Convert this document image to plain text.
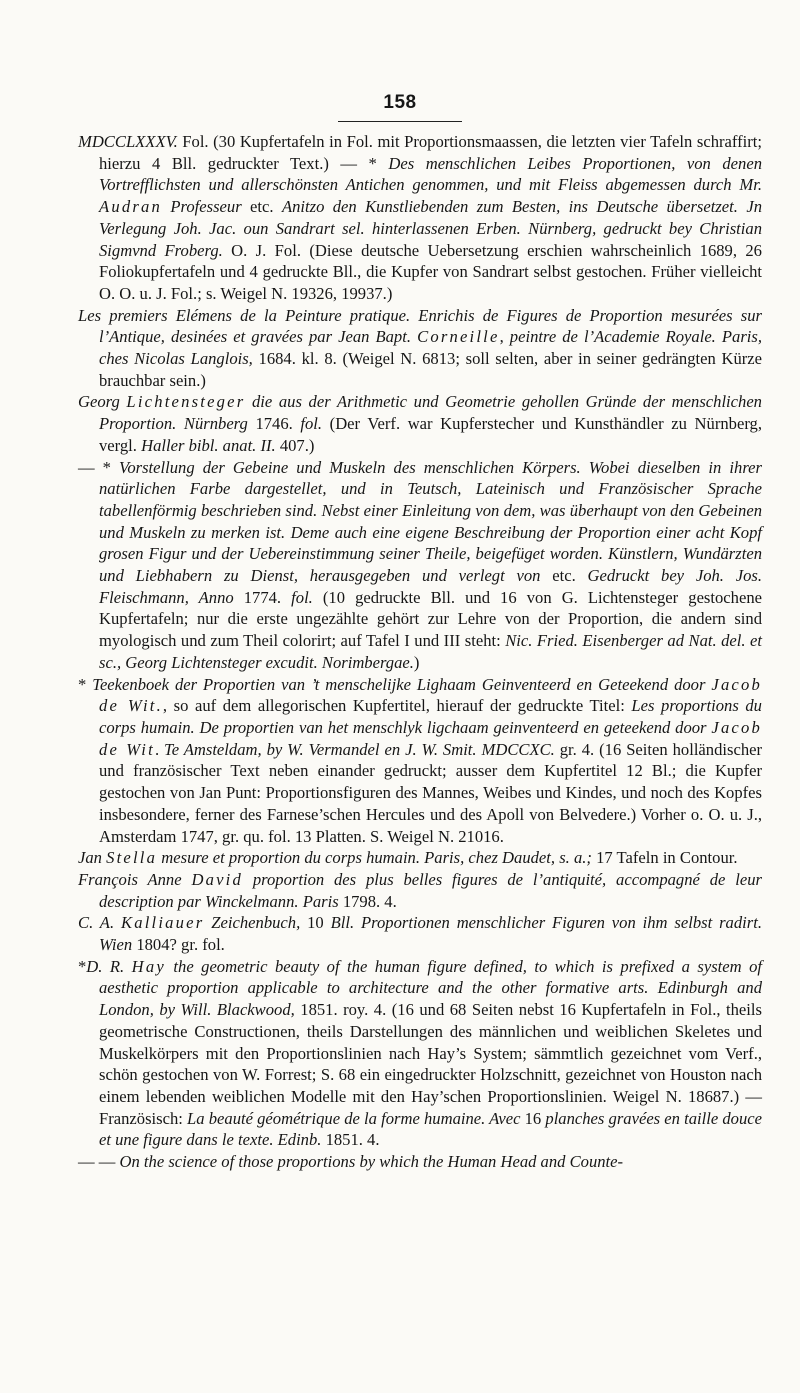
158

MDCCLXXXV. Fol. (30 Kupfertafeln in Fol. mit Proportionsmaassen, die letzten vier Tafeln schraffirt; hierzu 4 Bll. gedruckter Text.) — * Des menschlichen Leibes Proportionen, von denen Vortrefflichsten und allerschönsten Antichen genommen, und mit Fleiss abgemessen durch Mr. Audran Professeur etc. Anitzo den Kunstliebenden zum Besten, ins Deutsche übersetzet. Jn Verlegung Joh. Jac. oun Sandrart sel. hinterlassenen Erben. Nürnberg, gedruckt bey Christian Sigmvnd Froberg. O. J. Fol. (Diese deutsche Uebersetzung erschien wahrscheinlich 1689, 26 Foliokupfertafeln und 4 gedruckte Bll., die Kupfer von Sandrart selbst gestochen. Früher vielleicht O. O. u. J. Fol.; s. Weigel N. 19326, 19937.)

Les premiers Elémens de la Peinture pratique. Enrichis de Figures de Proportion mesurées sur l’Antique, desinées et gravées par Jean Bapt. Corneille, peintre de l’Academie Royale. Paris, ches Nicolas Langlois, 1684. kl. 8. (Weigel N. 6813; soll selten, aber in seiner gedrängten Kürze brauchbar sein.)

Georg Lichtensteger die aus der Arithmetic und Geometrie gehollen Gründe der menschlichen Proportion. Nürnberg 1746. fol. (Der Verf. war Kupferstecher und Kunsthändler zu Nürnberg, vergl. Haller bibl. anat. II. 407.)

— * Vorstellung der Gebeine und Muskeln des menschlichen Körpers. Wobei dieselben in ihrer natürlichen Farbe dargestellet, und in Teutsch, Lateinisch und Französischer Sprache tabellenförmig beschrieben sind. Nebst einer Einleitung von dem, was überhaupt von den Gebeinen und Muskeln zu merken ist. Deme auch eine eigene Beschreibung der Proportion einer acht Kopf grosen Figur und der Uebereinstimmung seiner Theile, beigefüget worden. Künstlern, Wundärzten und Liebhabern zu Dienst, herausgegeben und verlegt von etc. Gedruckt bey Joh. Jos. Fleischmann, Anno 1774. fol. (10 gedruckte Bll. und 16 von G. Lichtensteger gestochene Kupfertafeln; nur die erste ungezählte gehört zur Lehre von der Proportion, die andern sind myologisch und zum Theil colorirt; auf Tafel I und III steht: Nic. Fried. Eisenberger ad Nat. del. et sc., Georg Lichtensteger excudit. Norimbergae.)

* Teekenboek der Proportien van ’t menschelijke Lighaam Geinventeerd en Geteekend door Jacob de Wit., so auf dem allegorischen Kupfertitel, hierauf der gedruckte Titel: Les proportions du corps humain. De proportien van het menschlyk ligchaam geinventeerd en geteekend door Jacob de Wit. Te Amsteldam, by W. Vermandel en J. W. Smit. MDCCXC. gr. 4. (16 Seiten holländischer und französischer Text neben einander gedruckt; ausser dem Kupfertitel 12 Bl.; die Kupfer gestochen von Jan Punt: Proportionsfiguren des Mannes, Weibes und Kindes, und noch des Kopfes insbesondere, ferner des Farnese’schen Hercules und des Apoll von Belvedere.) Vorher o. O. u. J., Amsterdam 1747, gr. qu. fol. 13 Platten. S. Weigel N. 21016.

Jan Stella mesure et proportion du corps humain. Paris, chez Daudet, s. a.; 17 Tafeln in Contour.

François Anne David proportion des plus belles figures de l’antiquité, accompagné de leur description par Winckelmann. Paris 1798. 4.

C. A. Kalliauer Zeichenbuch, 10 Bll. Proportionen menschlicher Figuren von ihm selbst radirt. Wien 1804? gr. fol.

*D. R. Hay the geometric beauty of the human figure defined, to which is prefixed a system of aesthetic proportion applicable to architecture and the other formative arts. Edinburgh and London, by Will. Blackwood, 1851. roy. 4. (16 und 68 Seiten nebst 16 Kupfertafeln in Fol., theils geometrische Constructionen, theils Darstellungen des männlichen und weiblichen Skeletes und Muskelkörpers mit den Proportionslinien nach Hay’s System; sämmtlich gezeichnet vom Verf., schön gestochen von W. Forrest; S. 68 ein eingedruckter Holzschnitt, gezeichnet von Houston nach einem lebenden weiblichen Modelle mit den Hay’schen Proportionslinien. Weigel N. 18687.) — Französisch: La beauté géométrique de la forme humaine. Avec 16 planches gravées en taille douce et une figure dans le texte. Edinb. 1851. 4.

— — On the science of those proportions by which the Human Head and Counte-
